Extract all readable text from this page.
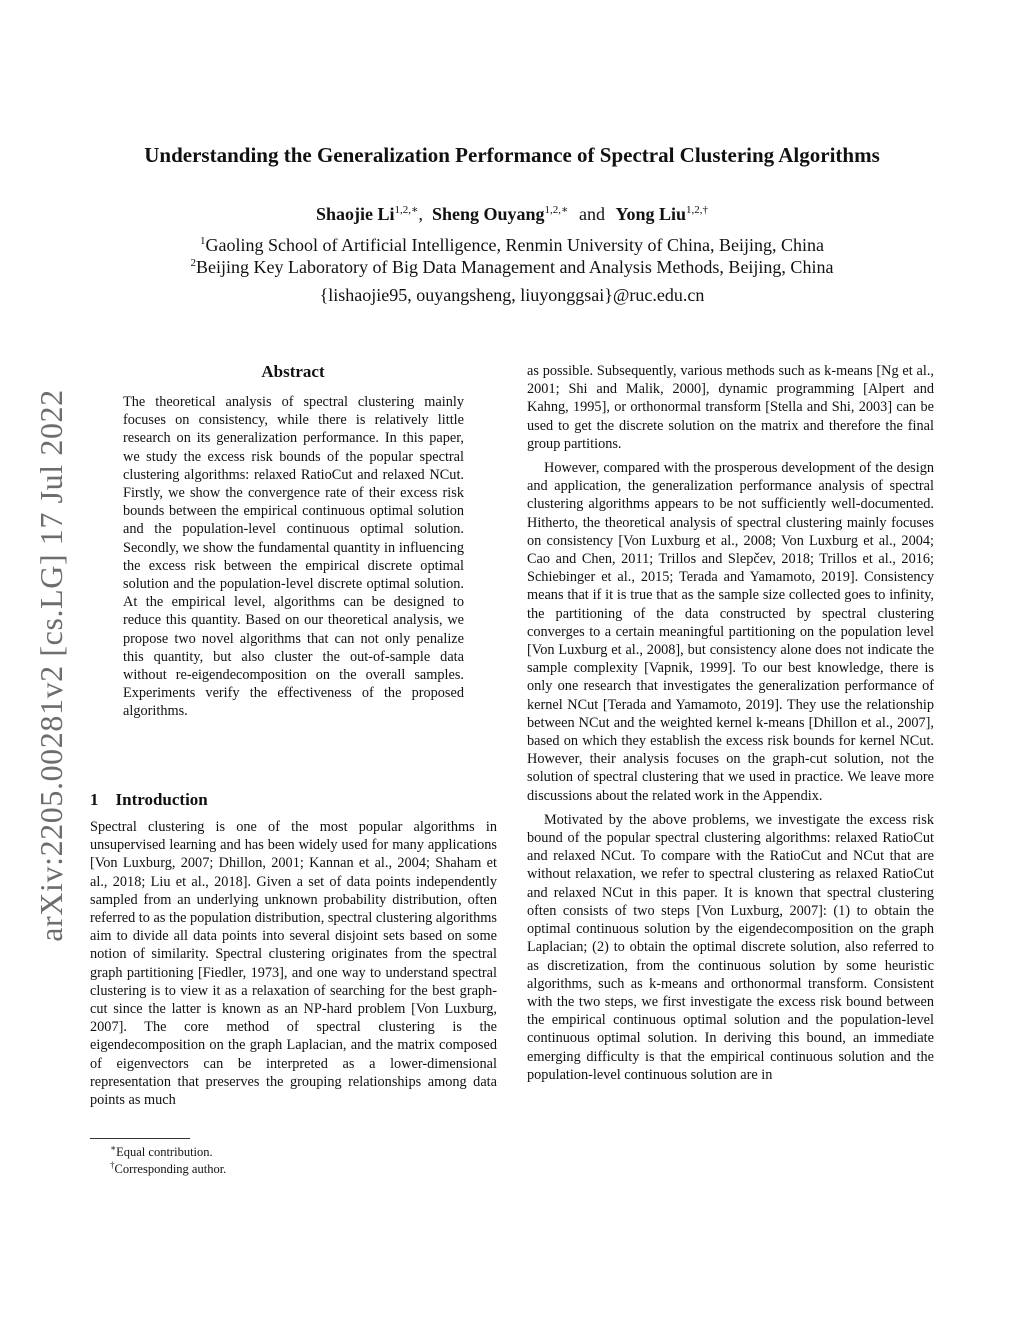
arXiv:2205.00281v2 [cs.LG] 17 Jul 2022
Understanding the Generalization Performance of Spectral Clustering Algorithms
Shaojie $Li^{1,2,∗}$, Sheng Ouyang$^{1,2,∗}$ and Yong Liu$^{1,2,\dagger}$
$^1$Gaoling School of Artificial Intelligence, Renmin University of China, Beijing, China
$^2$Beijing Key Laboratory of Big Data Management and Analysis Methods, Beijing, China
{lishaojie95, ouyangsheng, liuyonggsai}@ruc.edu.cn
Abstract

The theoretical analysis of spectral clustering mainly focuses on consistency, while there is relatively little research on its generalization performance. In this paper, we study the excess risk bounds of the popular spectral clustering algorithms: relaxed RatioCut and relaxed NCut. Firstly, we show the convergence rate of their excess risk bounds between the empirical continuous optimal solution and the population-level continuous optimal solution. Secondly, we show the fundamental quantity in influencing the excess risk between the empirical discrete optimal solution and the population-level discrete optimal solution. At the empirical level, algorithms can be designed to reduce this quantity. Based on our theoretical analysis, we propose two novel algorithms that can not only penalize this quantity, but also cluster the out-of-sample data without re-eigendecomposition on the overall samples. Experiments verify the effectiveness of the proposed algorithms.

1 Introduction

Spectral clustering is one of the most popular algorithms in unsupervised learning and has been widely used for many applications [Von Luxburg, 2007; Dhillon, 2001; Kannan et al., 2004; Shaham et al., 2018; Liu et al., 2018]. Given a set of data points independently sampled from an underlying unknown probability distribution, often referred to as the population distribution, spectral clustering algorithms aim to divide all data points into several disjoint sets based on some notion of similarity. Spectral clustering originates from the spectral graph partitioning [Fiedler, 1973], and one way to understand spectral clustering is to view it as a relaxation of searching for the best graph-cut since the latter is known as an NP-hard problem [Von Luxburg, 2007]. The core method of spectral clustering is the eigendecomposition on the graph Laplacian, and the matrix composed of eigenvectors can be interpreted as a lower-dimensional representation that preserves the grouping relationships among data points as much

∗Equal contribution.
†Corresponding author.

as possible. Subsequently, various methods such as k-means [Ng et al., 2001; Shi and Malik, 2000], dynamic programming [Alpert and Kahng, 1995], or orthonormal transform [Stella and Shi, 2003] can be used to get the discrete solution on the matrix and therefore the final group partitions.

However, compared with the prosperous development of the design and application, the generalization performance analysis of spectral clustering algorithms appears to be not sufficiently well-documented. Hitherto, the theoretical analysis of spectral clustering mainly focuses on consistency [Von Luxburg et al., 2008; Von Luxburg et al., 2004; Cao and Chen, 2011; Trillos and Slepčev, 2018; Trillos et al., 2016; Schiebinger et al., 2015; Terada and Yamamoto, 2019]. Consistency means that if it is true that as the sample size collected goes to infinity, the partitioning of the data constructed by spectral clustering converges to a certain meaningful partitioning on the population level [Von Luxburg et al., 2008], but consistency alone does not indicate the sample complexity [Vapnik, 1999]. To our best knowledge, there is only one research that investigates the generalization performance of kernel NCut [Terada and Yamamoto, 2019]. They use the relationship between NCut and the weighted kernel k-means [Dhillon et al., 2007], based on which they establish the excess risk bounds for kernel NCut. However, their analysis focuses on the graph-cut solution, not the solution of spectral clustering that we used in practice. We leave more discussions about the related work in the Appendix.

Motivated by the above problems, we investigate the excess risk bound of the popular spectral clustering algorithms: relaxed RatioCut and relaxed NCut. To compare with the RatioCut and NCut that are without relaxation, we refer to spectral clustering as relaxed RatioCut and relaxed NCut in this paper. It is known that spectral clustering often consists of two steps [Von Luxburg, 2007]: (1) to obtain the optimal continuous solution by the eigendecomposition on the graph Laplacian; (2) to obtain the optimal discrete solution, also referred to as discretization, from the continuous solution by some heuristic algorithms, such as k-means and orthonormal transform. Consistent with the two steps, we first investigate the excess risk bound between the empirical continuous optimal solution and the population-level continuous optimal solution. In deriving this bound, an immediate emerging difficulty is that the empirical continuous solution and the population-level continuous solution are in
